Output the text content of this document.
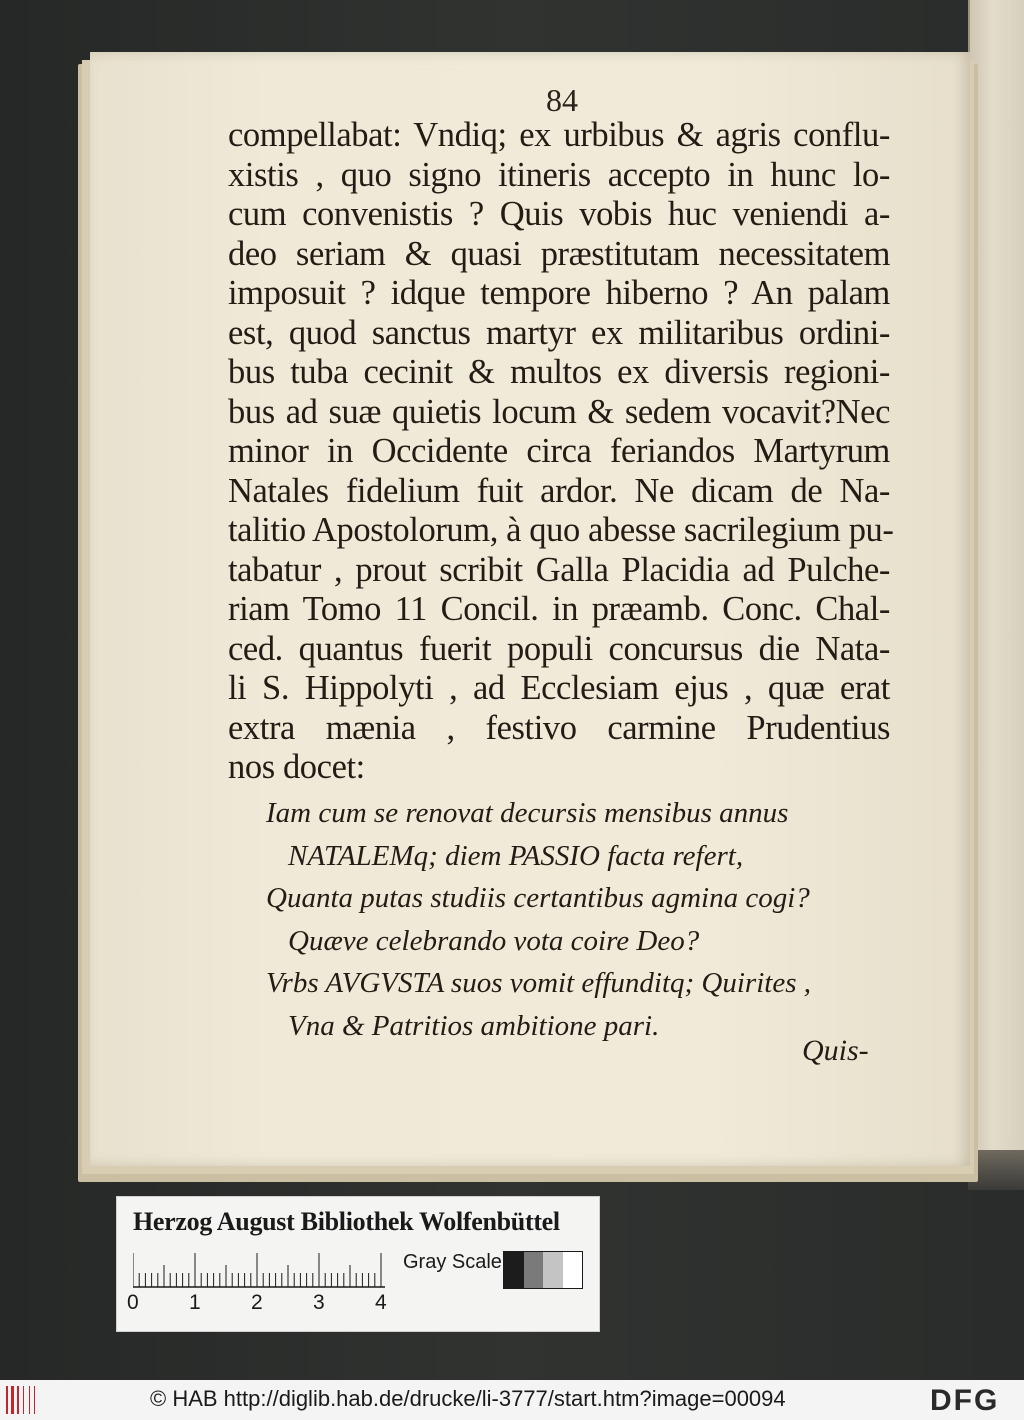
84
compellabat: Vndiq; ex urbibus & agris conflu-
xistis , quo signo itineris accepto in hunc lo-
cum convenistis ? Quis vobis huc veniendi a-
deo seriam & quasi præstitutam necessitatem
imposuit ? idque tempore hiberno ? An palam
est, quod sanctus martyr ex militaribus ordini-
bus tuba cecinit & multos ex diversis regioni-
bus ad suæ quietis locum & sedem vocavit?Nec
minor in Occidente circa feriandos Martyrum
Natales fidelium fuit ardor. Ne dicam de Na-
talitio Apostolorum, à quo abesse sacrilegium pu-
tabatur , prout scribit Galla Placidia ad Pulche-
riam Tomo 11 Concil. in præamb. Conc. Chal-
ced. quantus fuerit populi concursus die Nata-
li S. Hippolyti , ad Ecclesiam ejus , quæ erat
extra mænia , festivo carmine Prudentius
nos docet:
Iam cum se renovat decursis mensibus annus
NATALEMq; diem PASSIO facta refert,
Quanta putas studiis certantibus agmina cogi?
Quæve celebrando vota coire Deo?
Vrbs AVGVSTA suos vomit effunditq; Quirites ,
Vna & Patritios ambitione pari.
Quis-
Herzog August Bibliothek Wolfenbüttel
0 1 2 3 4
Gray Scale
© HAB http://diglib.hab.de/drucke/li-3777/start.htm?image=00094	DFG
